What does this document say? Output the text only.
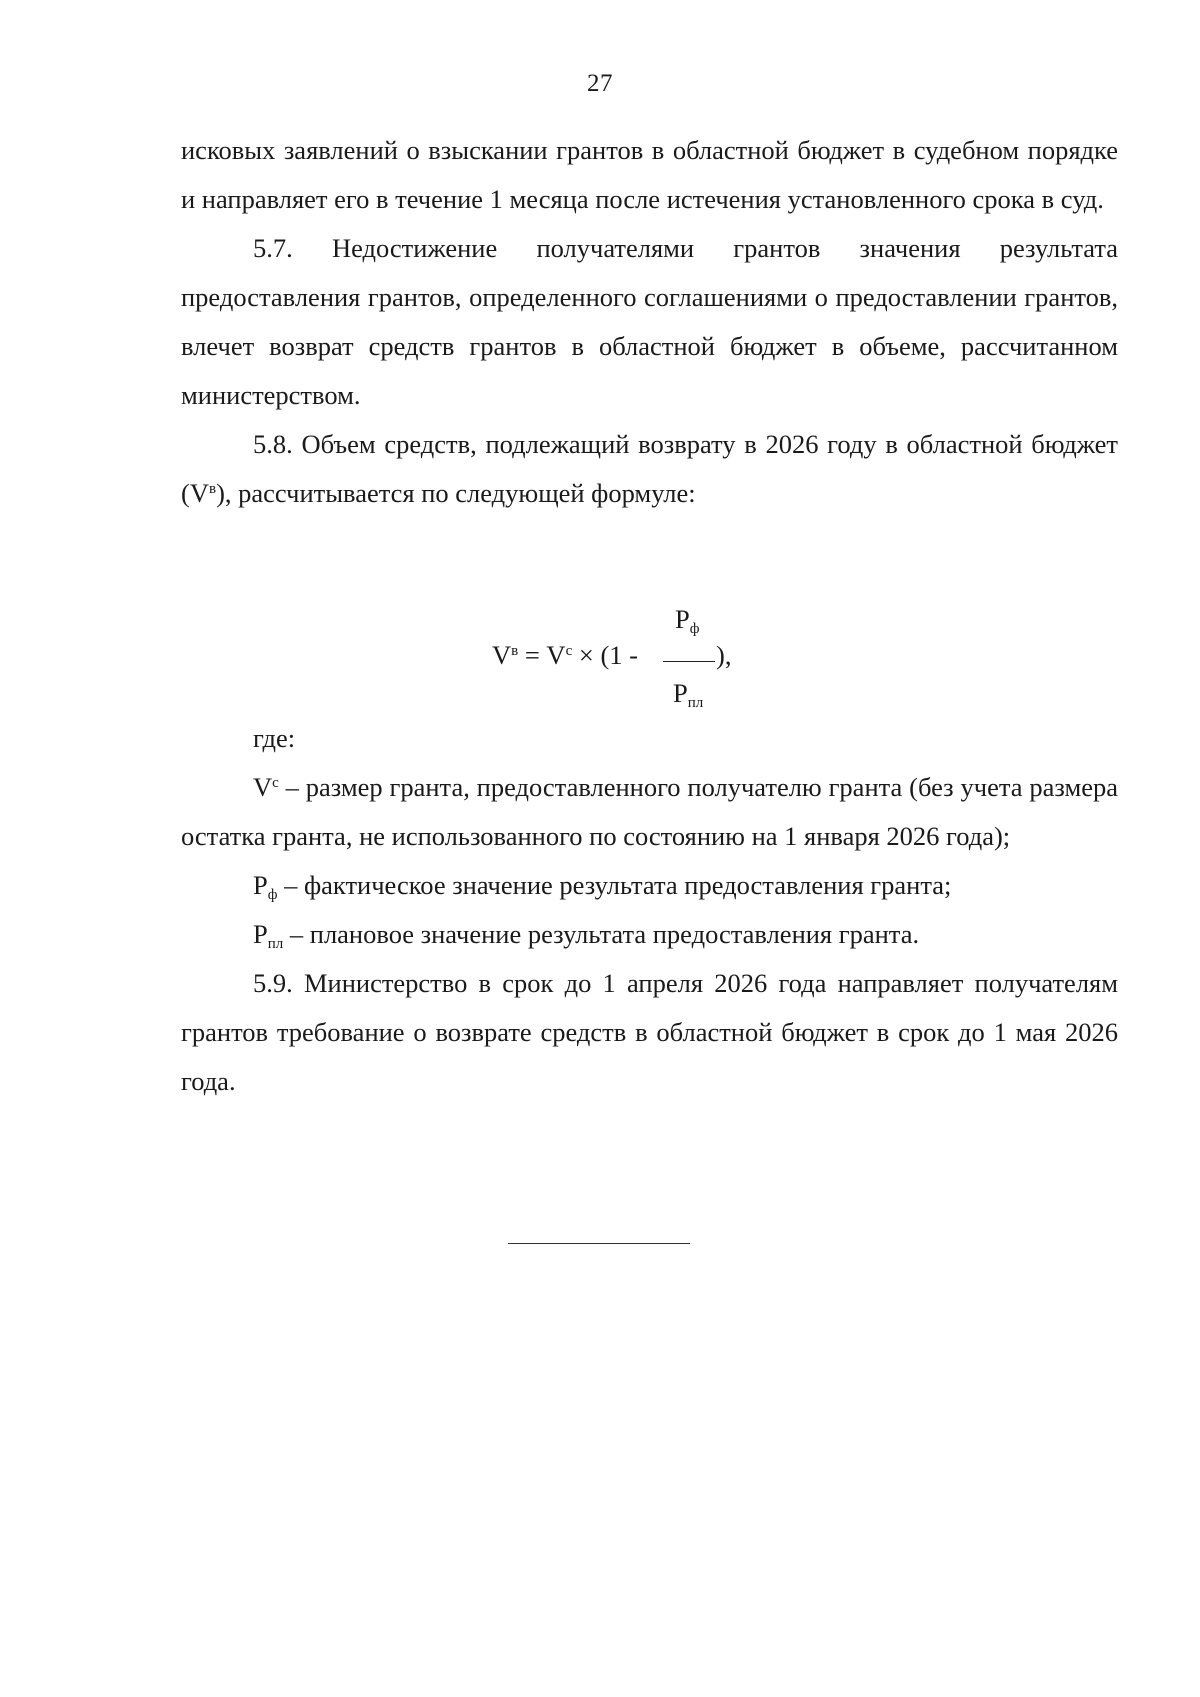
27

исковых заявлений о взыскании грантов в областной бюджет в судебном порядке и направляет его в течение 1 месяца после истечения установленного срока в суд.

5.7. Недостижение получателями грантов значения результата предоставления грантов, определенного соглашениями о предоставлении грантов, влечет возврат средств грантов в областной бюджет в объеме, рассчитанном министерством.

5.8. Объем средств, подлежащий возврату в 2026 году в областной бюджет $(V^в)$, рассчитывается по следующей формуле:

где:

$V^с$ – размер гранта, предоставленного получателю гранта (без учета размера остатка гранта, не использованного по состоянию на 1 января 2026 года);

$P_ф$ – фактическое значение результата предоставления гранта;

$P_{пл}$ – плановое значение результата предоставления гранта.

5.9. Министерство в срок до 1 апреля 2026 года направляет получателям грантов требование о возврате средств в областной бюджет в срок до 1 мая 2026 года.

$V^в = V^с \times (1$ -
$P_ф$
$P_{пл}$
),
